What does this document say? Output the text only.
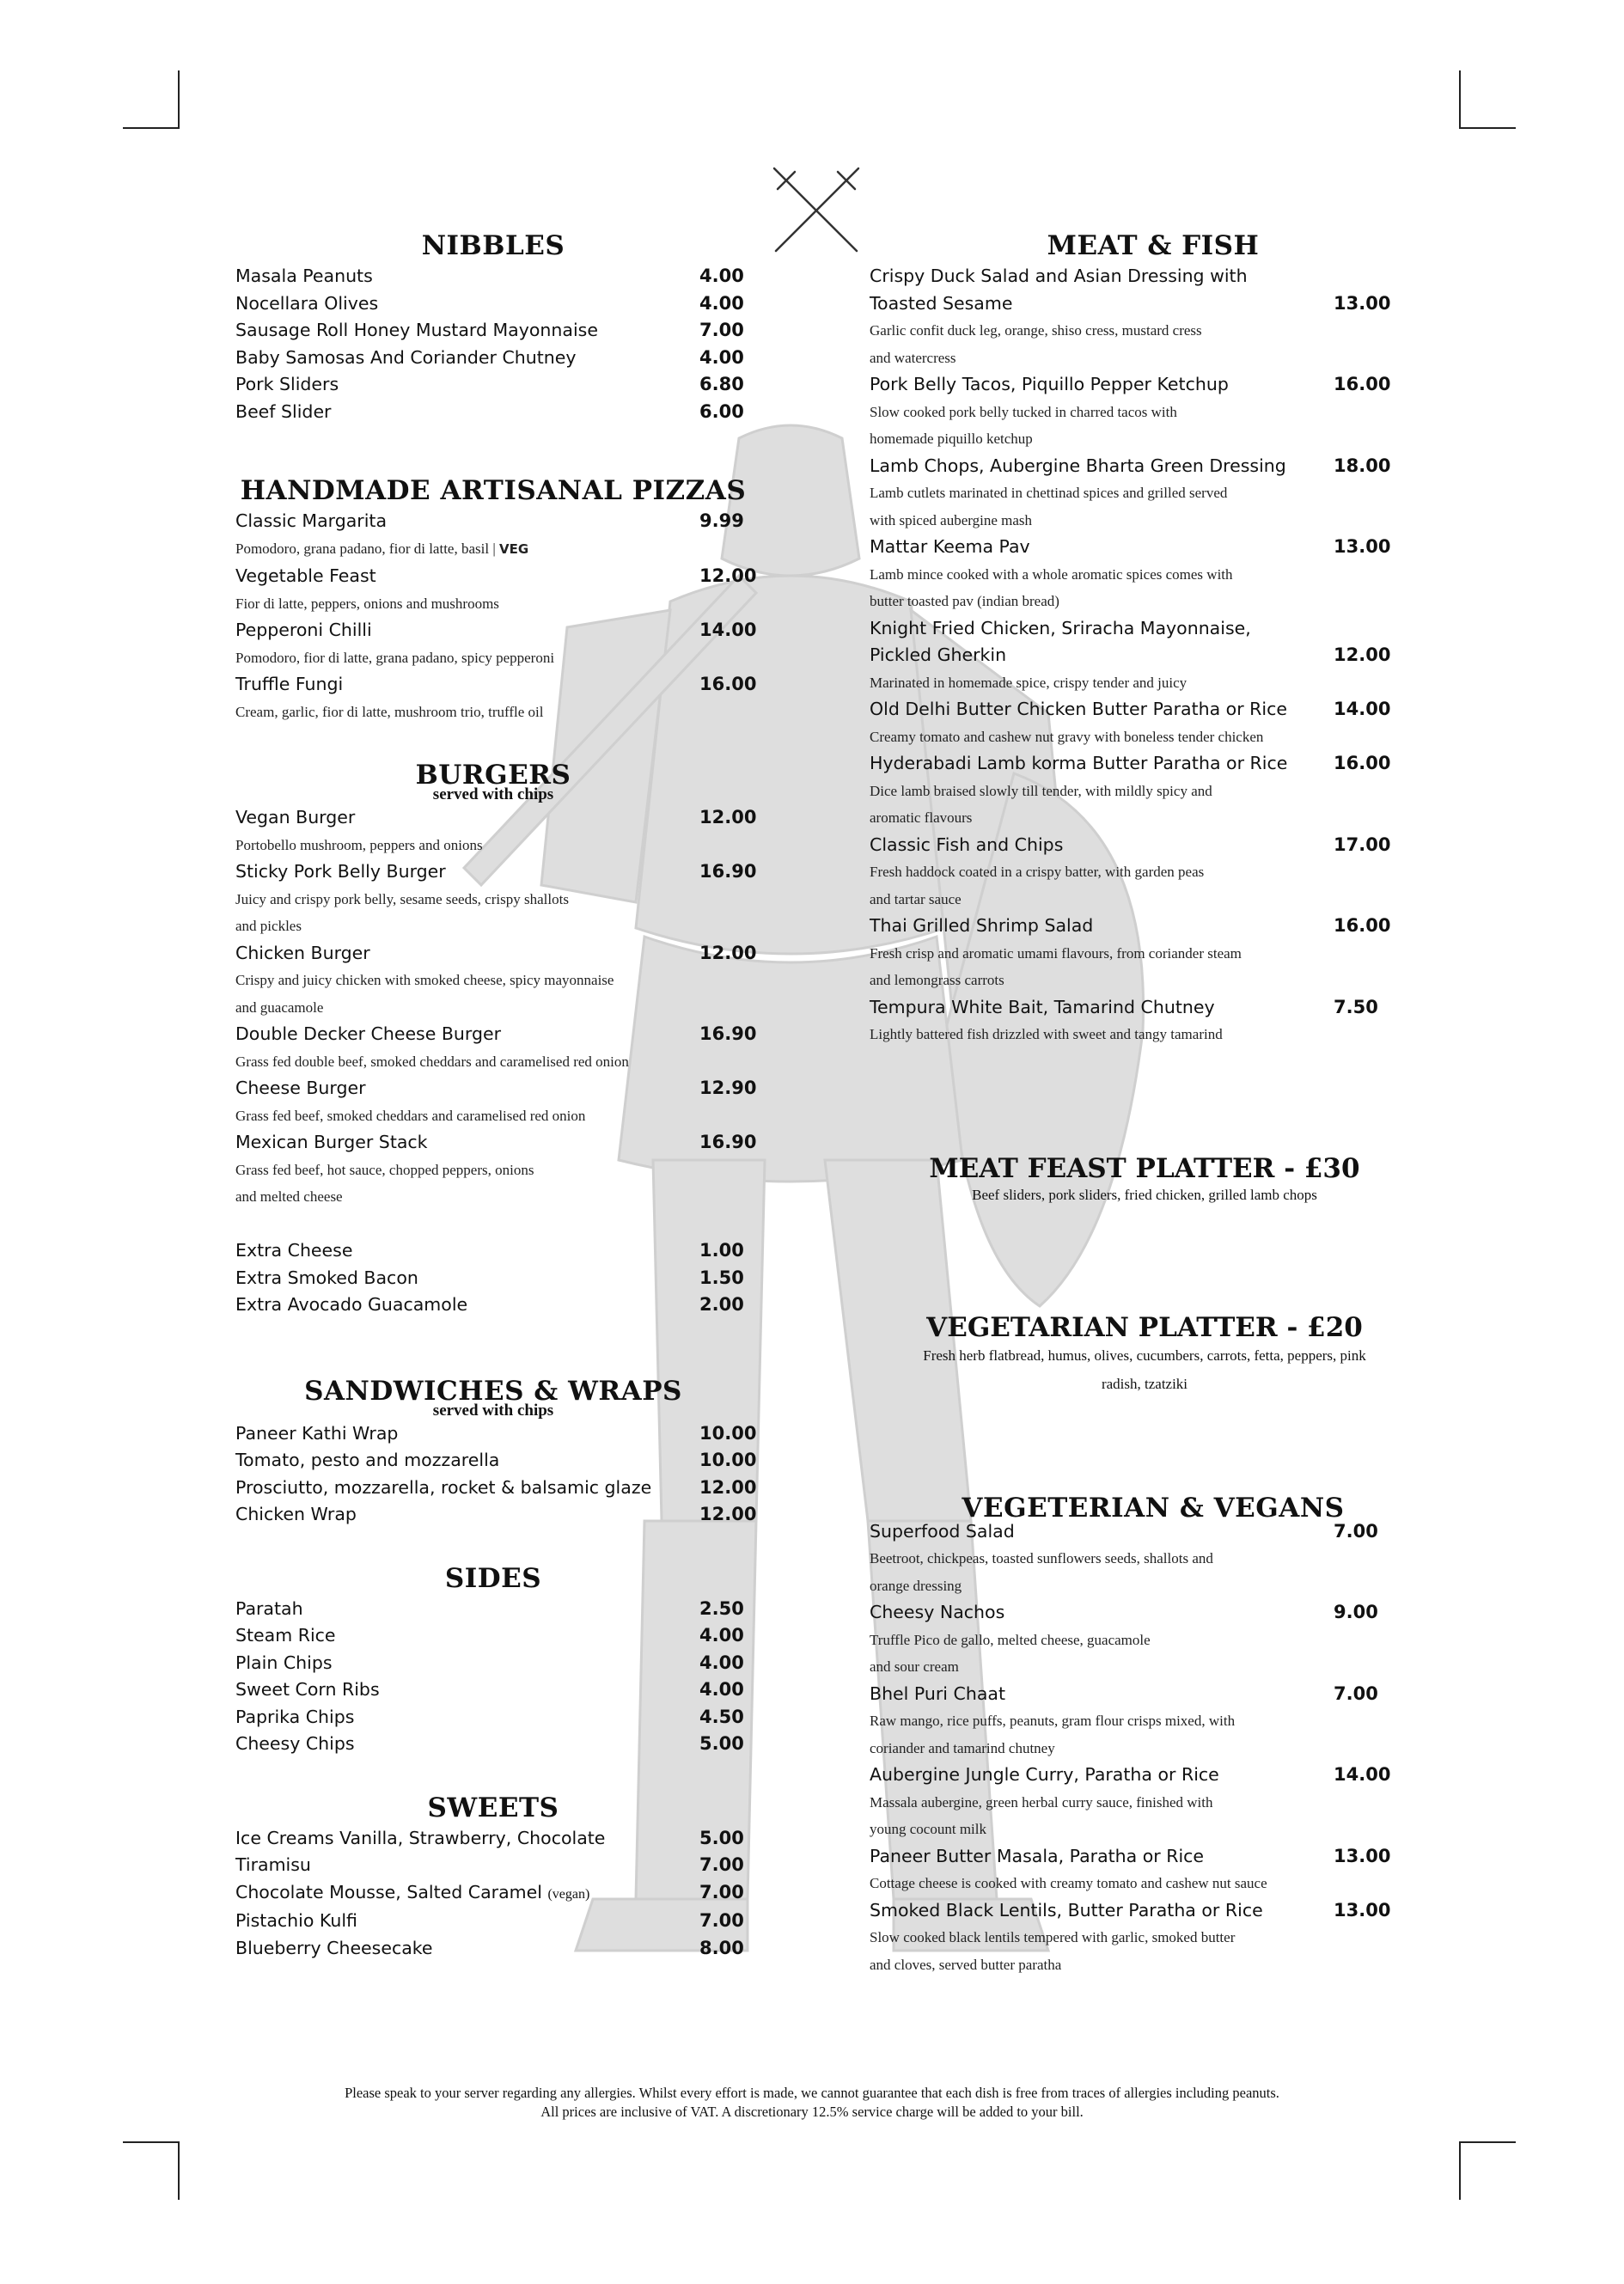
NIBBLES
Masala Peanuts	4.00
Nocellara Olives	4.00
Sausage Roll Honey Mustard Mayonnaise	7.00
Baby Samosas And Coriander Chutney	4.00
Pork Sliders	6.80
Beef Slider	6.00
HANDMADE ARTISANAL PIZZAS
Classic Margarita	9.99
Pomodoro, grana padano, fior di latte, basil | VEG
Vegetable Feast	12.00
Fior di latte, peppers, onions and mushrooms
Pepperoni Chilli	14.00
Pomodoro, fior di latte, grana padano, spicy pepperoni
Truffle Fungi	16.00
Cream, garlic, fior di latte, mushroom trio, truffle oil
BURGERS
served with chips
Vegan Burger	12.00
Portobello mushroom, peppers and onions
Sticky Pork Belly Burger	16.90
Juicy and crispy pork belly, sesame seeds, crispy shallots
and pickles
Chicken Burger	12.00
Crispy and juicy chicken with smoked cheese, spicy mayonnaise
and guacamole
Double Decker Cheese Burger	16.90
Grass fed double beef, smoked cheddars and caramelised red onion
Cheese Burger	12.90
Grass fed beef, smoked cheddars and caramelised red onion
Mexican Burger Stack	16.90
Grass fed beef, hot sauce, chopped peppers, onions
and melted cheese
Extra Cheese	1.00
Extra Smoked Bacon	1.50
Extra Avocado Guacamole	2.00
SANDWICHES & WRAPS
served with chips
Paneer Kathi Wrap	10.00
Tomato, pesto and mozzarella	10.00
Prosciutto, mozzarella, rocket & balsamic glaze	12.00
Chicken Wrap	12.00
SIDES
Paratah	2.50
Steam Rice	4.00
Plain Chips	4.00
Sweet Corn Ribs	4.00
Paprika Chips	4.50
Cheesy Chips	5.00
SWEETS
Ice Creams Vanilla, Strawberry, Chocolate	5.00
Tiramisu	7.00
Chocolate Mousse, Salted Caramel (vegan)	7.00
Pistachio Kulfi	7.00
Blueberry Cheesecake	8.00
MEAT & FISH
Crispy Duck Salad and Asian Dressing with
Toasted Sesame	13.00
Garlic confit duck leg, orange, shiso cress, mustard cress
and watercress
Pork Belly Tacos, Piquillo Pepper Ketchup	16.00
Slow cooked pork belly tucked in charred tacos with
homemade piquillo ketchup
Lamb Chops, Aubergine Bharta Green Dressing	18.00
Lamb cutlets marinated in chettinad spices and grilled served
with spiced aubergine mash
Mattar Keema Pav	13.00
Lamb mince cooked with a whole aromatic spices comes with
butter toasted pav (indian bread)
Knight Fried Chicken, Sriracha Mayonnaise,
Pickled Gherkin	12.00
Marinated in homemade spice, crispy tender and juicy
Old Delhi Butter Chicken Butter Paratha or Rice	14.00
Creamy tomato and cashew nut gravy with boneless tender chicken
Hyderabadi Lamb korma Butter Paratha or Rice	16.00
Dice lamb braised slowly till tender, with mildly spicy and
aromatic flavours
Classic Fish and Chips	17.00
Fresh haddock coated in a crispy batter, with garden peas
and tartar sauce
Thai Grilled Shrimp Salad	16.00
Fresh crisp and aromatic umami flavours, from coriander steam
and lemongrass carrots
Tempura White Bait, Tamarind Chutney	7.50
Lightly battered fish drizzled with sweet and tangy tamarind
MEAT FEAST PLATTER - £30
Beef sliders, pork sliders, fried chicken, grilled lamb chops
VEGETARIAN PLATTER - £20
Fresh herb flatbread, humus, olives, cucumbers, carrots, fetta, peppers, pink
radish, tzatziki
VEGETERIAN & VEGANS
Superfood Salad	7.00
Beetroot, chickpeas, toasted sunflowers seeds, shallots and
orange dressing
Cheesy Nachos	9.00
Truffle Pico de gallo, melted cheese, guacamole
and sour cream
Bhel Puri Chaat	7.00
Raw mango, rice puffs, peanuts, gram flour crisps mixed, with
coriander and tamarind chutney
Aubergine Jungle Curry, Paratha or Rice	14.00
Massala aubergine, green herbal curry sauce, finished with
young cocount milk
Paneer Butter Masala, Paratha or Rice	13.00
Cottage cheese is cooked with creamy tomato and cashew nut sauce
Smoked Black Lentils, Butter Paratha or Rice	13.00
Slow cooked black lentils tempered with garlic, smoked butter
and cloves, served butter paratha
Please speak to your server regarding any allergies. Whilst every effort is made, we cannot guarantee that each dish is free from traces of allergies including peanuts.
All prices are inclusive of VAT. A discretionary 12.5% service charge will be added to your bill.
